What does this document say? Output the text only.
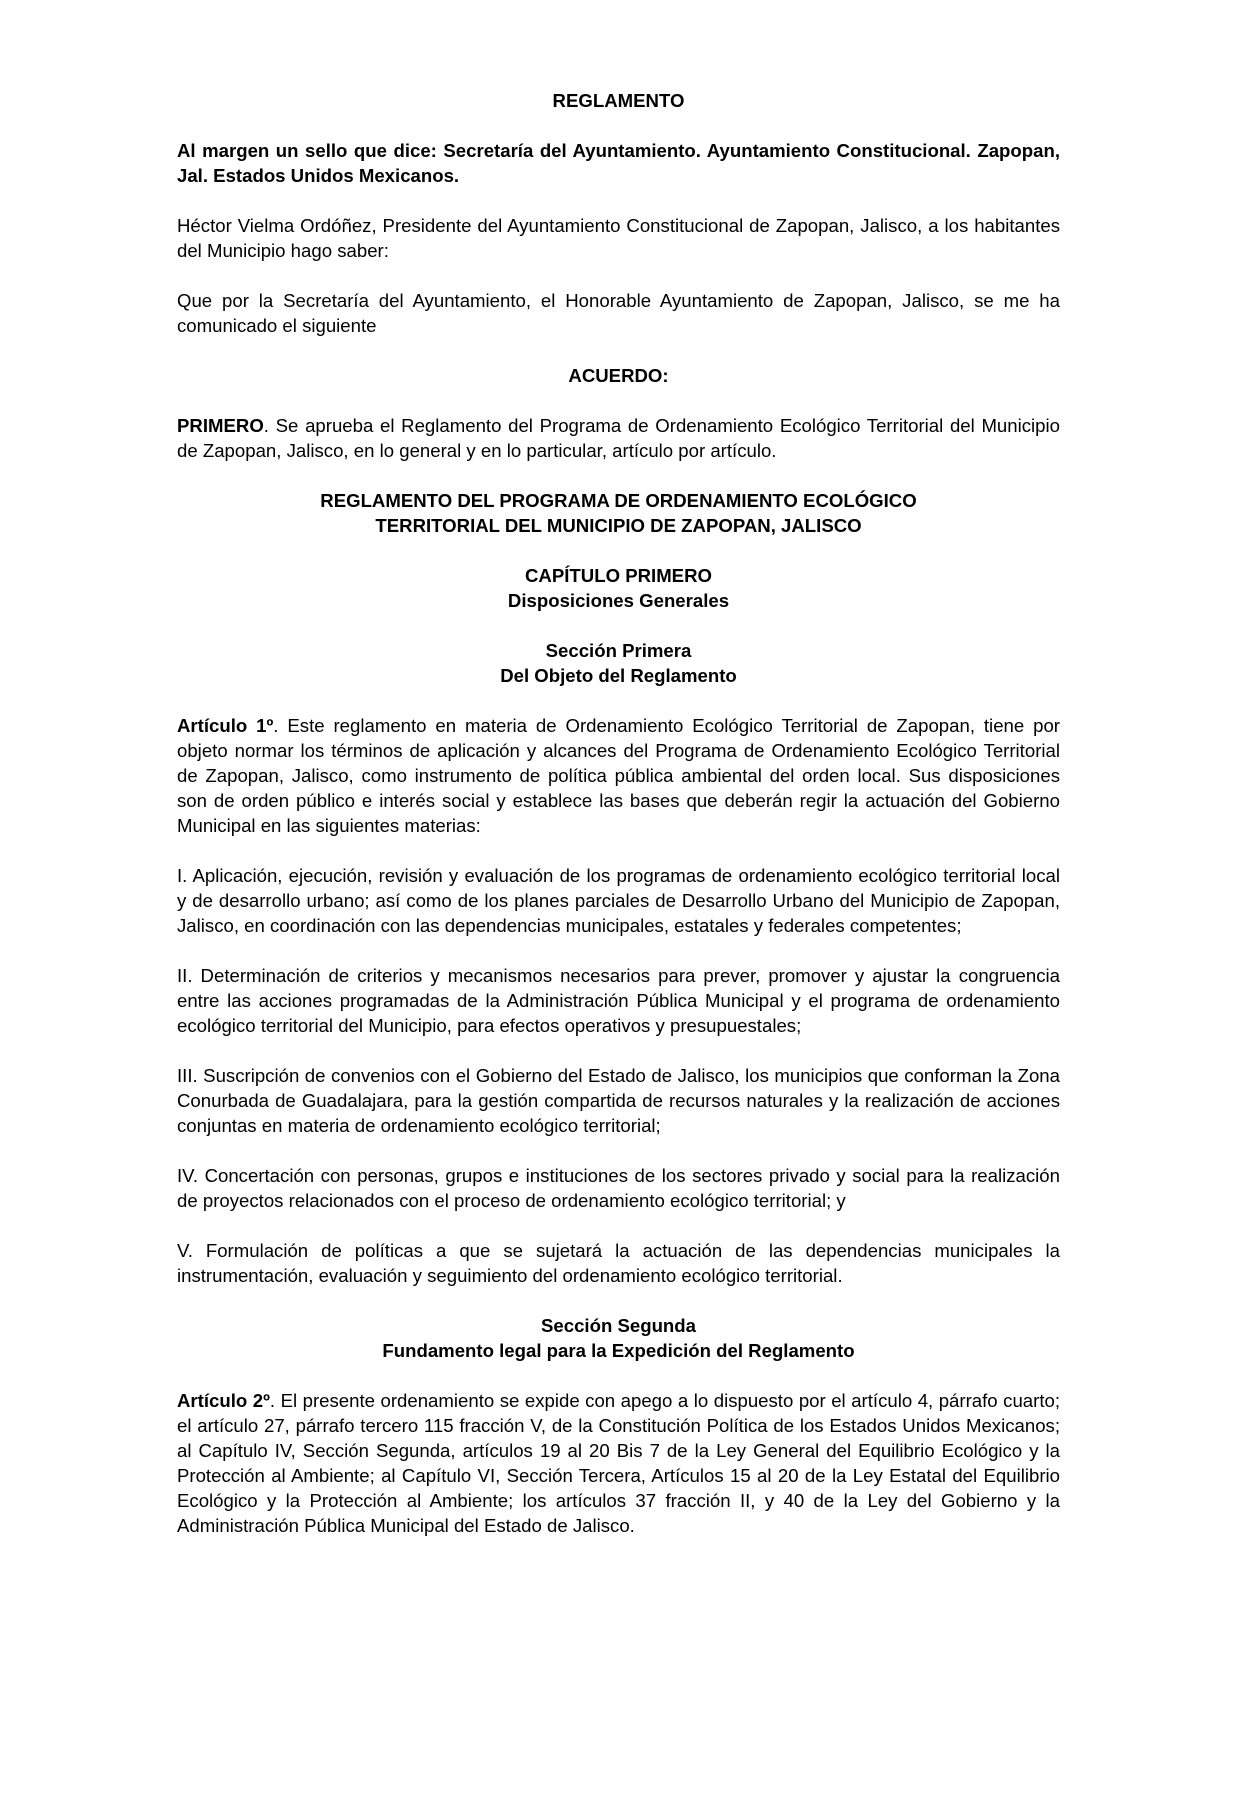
REGLAMENTO

Al margen un sello que dice: Secretaría del Ayuntamiento. Ayuntamiento Constitucional. Zapopan, Jal. Estados Unidos Mexicanos.

Héctor Vielma Ordóñez, Presidente del Ayuntamiento Constitucional de Zapopan, Jalisco, a los habitantes del Municipio hago saber:

Que por la Secretaría del Ayuntamiento, el Honorable Ayuntamiento de Zapopan, Jalisco, se me ha comunicado el siguiente

ACUERDO:

PRIMERO. Se aprueba el Reglamento del Programa de Ordenamiento Ecológico Territorial del Municipio de Zapopan, Jalisco, en lo general y en lo particular, artículo por artículo.

REGLAMENTO DEL PROGRAMA DE ORDENAMIENTO ECOLÓGICO

TERRITORIAL DEL MUNICIPIO DE ZAPOPAN, JALISCO

CAPÍTULO PRIMERO

Disposiciones Generales

Sección Primera

Del Objeto del Reglamento

Artículo 1º. Este reglamento en materia de Ordenamiento Ecológico Territorial de Zapopan, tiene por objeto normar los términos de aplicación y alcances del Programa de Ordenamiento Ecológico Territorial de Zapopan, Jalisco, como instrumento de política pública ambiental del orden local. Sus disposiciones son de orden público e interés social y establece las bases que deberán regir la actuación del Gobierno Municipal en las siguientes materias:

I. Aplicación, ejecución, revisión y evaluación de los programas de ordenamiento ecológico territorial local y de desarrollo urbano; así como de los planes parciales de Desarrollo Urbano del Municipio de Zapopan, Jalisco, en coordinación con las dependencias municipales, estatales y federales competentes;

II. Determinación de criterios y mecanismos necesarios para prever, promover y ajustar la congruencia entre las acciones programadas de la Administración Pública Municipal y el programa de ordenamiento ecológico territorial del Municipio, para efectos operativos y presupuestales;

III. Suscripción de convenios con el Gobierno del Estado de Jalisco, los municipios que conforman la Zona Conurbada de Guadalajara, para la gestión compartida de recursos naturales y la realización de acciones conjuntas en materia de ordenamiento ecológico territorial;

IV. Concertación con personas, grupos e instituciones de los sectores privado y social para la realización de proyectos relacionados con el proceso de ordenamiento ecológico territorial; y

V. Formulación de políticas a que se sujetará la actuación de las dependencias municipales la instrumentación, evaluación y seguimiento del ordenamiento ecológico territorial.

Sección Segunda

Fundamento legal para la Expedición del Reglamento

Artículo 2º. El presente ordenamiento se expide con apego a lo dispuesto por el artículo 4, párrafo cuarto; el artículo 27, párrafo tercero 115 fracción V, de la Constitución Política de los Estados Unidos Mexicanos; al Capítulo IV, Sección Segunda, artículos 19 al 20 Bis 7 de la Ley General del Equilibrio Ecológico y la Protección al Ambiente; al Capítulo VI, Sección Tercera, Artículos 15 al 20 de la Ley Estatal del Equilibrio Ecológico y la Protección al Ambiente; los artículos 37 fracción II, y 40 de la Ley del Gobierno y la Administración Pública Municipal del Estado de Jalisco.
